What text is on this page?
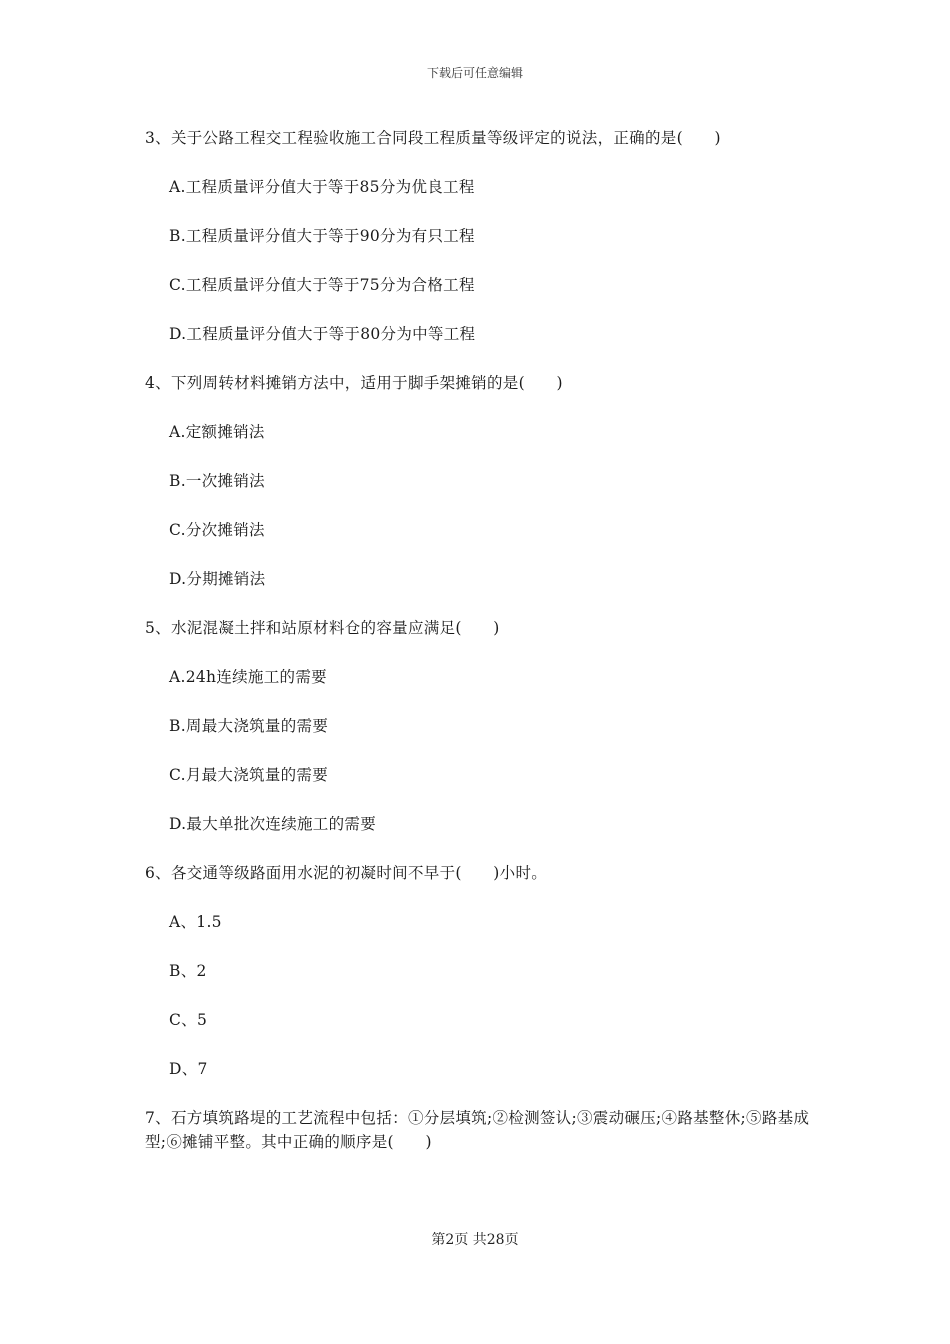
下载后可任意编辑
3、关于公路工程交工程验收施工合同段工程质量等级评定的说法，正确的是(　　)
A.工程质量评分值大于等于85分为优良工程
B.工程质量评分值大于等于90分为有只工程
C.工程质量评分值大于等于75分为合格工程
D.工程质量评分值大于等于80分为中等工程
4、下列周转材料摊销方法中，适用于脚手架摊销的是(　　)
A.定额摊销法
B.一次摊销法
C.分次摊销法
D.分期摊销法
5、水泥混凝土拌和站原材料仓的容量应满足(　　)
A.24h连续施工的需要
B.周最大浇筑量的需要
C.月最大浇筑量的需要
D.最大单批次连续施工的需要
6、各交通等级路面用水泥的初凝时间不早于(　　)小时。
A、1.5
B、2
C、5
D、7
7、石方填筑路堤的工艺流程中包括：①分层填筑;②检测签认;③震动碾压;④路基整休;⑤路基成型;⑥摊铺平整。其中正确的顺序是(　　)
第2页 共28页
